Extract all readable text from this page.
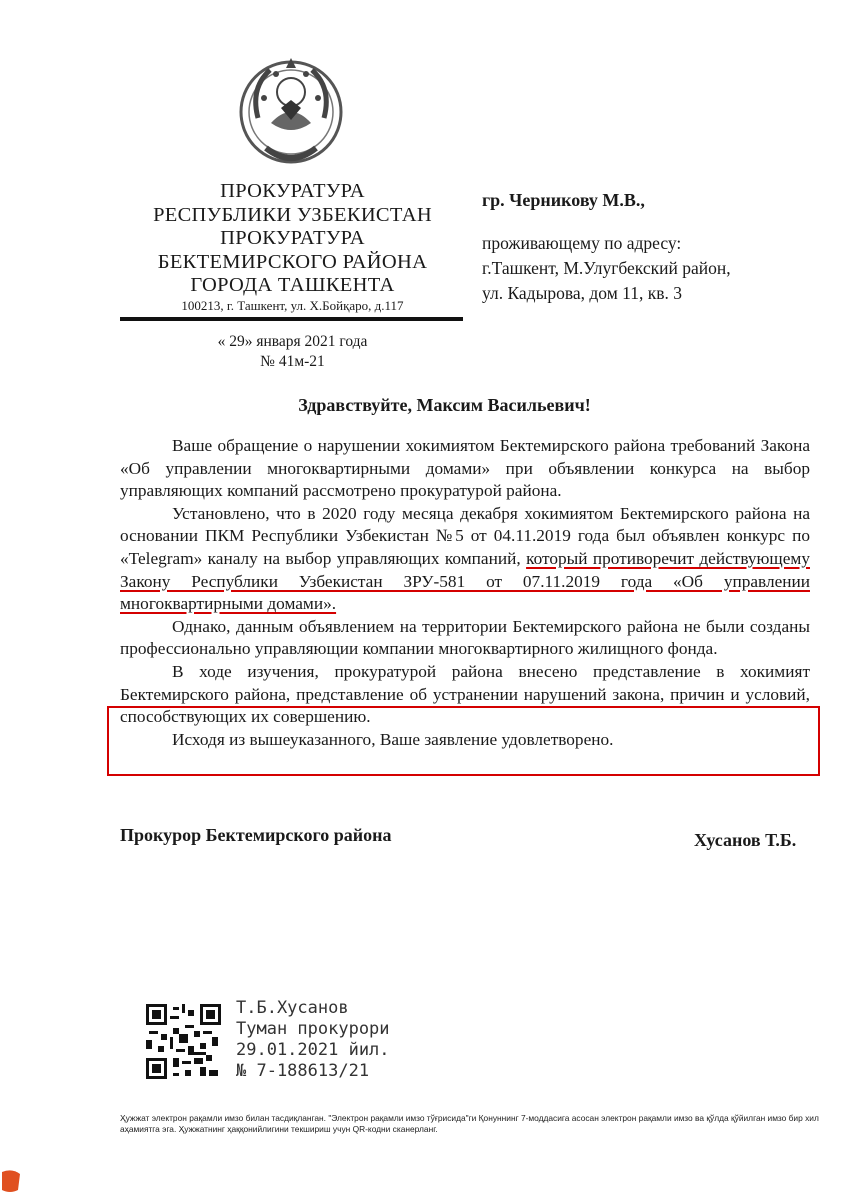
ПРОКУРАТУРА
РЕСПУБЛИКИ УЗБЕКИСТАН
ПРОКУРАТУРА
БЕКТЕМИРСКОГО РАЙОНА
ГОРОДА ТАШКЕНТА
100213, г. Ташкент, ул. Х.Бойқаро, д.117
« 29» января 2021 года
№ 41м-21
гр. Черникову М.В.,
проживающему по адресу:
г.Ташкент, М.Улугбекский район,
ул. Кадырова, дом 11, кв. 3
Здравствуйте, Максим Васильевич!

Ваше обращение о нарушении хокимиятом Бектемирского района требований Закона «Об управлении многоквартирными домами» при объявлении конкурса на выбор управляющих компаний рассмотрено прокуратурой района.

Установлено, что в 2020 году месяца декабря хокимиятом Бектемирского района на основании ПКМ Республики Узбекистан №5 от 04.11.2019 года был объявлен конкурс по «Telegram» каналу на выбор управляющих компаний, который противоречит действующему Закону Республики Узбекистан ЗРУ-581 от 07.11.2019 года «Об управлении многоквартирными домами».

Однако, данным объявлением на территории Бектемирского района не были созданы профессионально управляющии компании многоквартирного жилищного фонда.

В ходе изучения, прокуратурой района внесено представление в хокимият Бектемирского района, представление об устранении нарушений закона, причин и условий, способствующих их совершению.

Исходя из вышеуказанного, Ваше заявление удовлетворено.

Прокурор Бектемирского района	Хусанов Т.Б.
Т.Б.Хусанов
Туман прокурори
29.01.2021 йил.
№ 7-188613/21
Ҳужжат электрон рақамли имзо билан тасдиқланган. "Электрон рақамли имзо тўғрисида"ги Қонуннинг 7-моддасига асосан электрон рақамли имзо ва қўлда қўйилган имзо бир хил аҳамиятга эга. Ҳужжатнинг ҳаққонийлигини текшириш учун QR-кодни сканерланг.
